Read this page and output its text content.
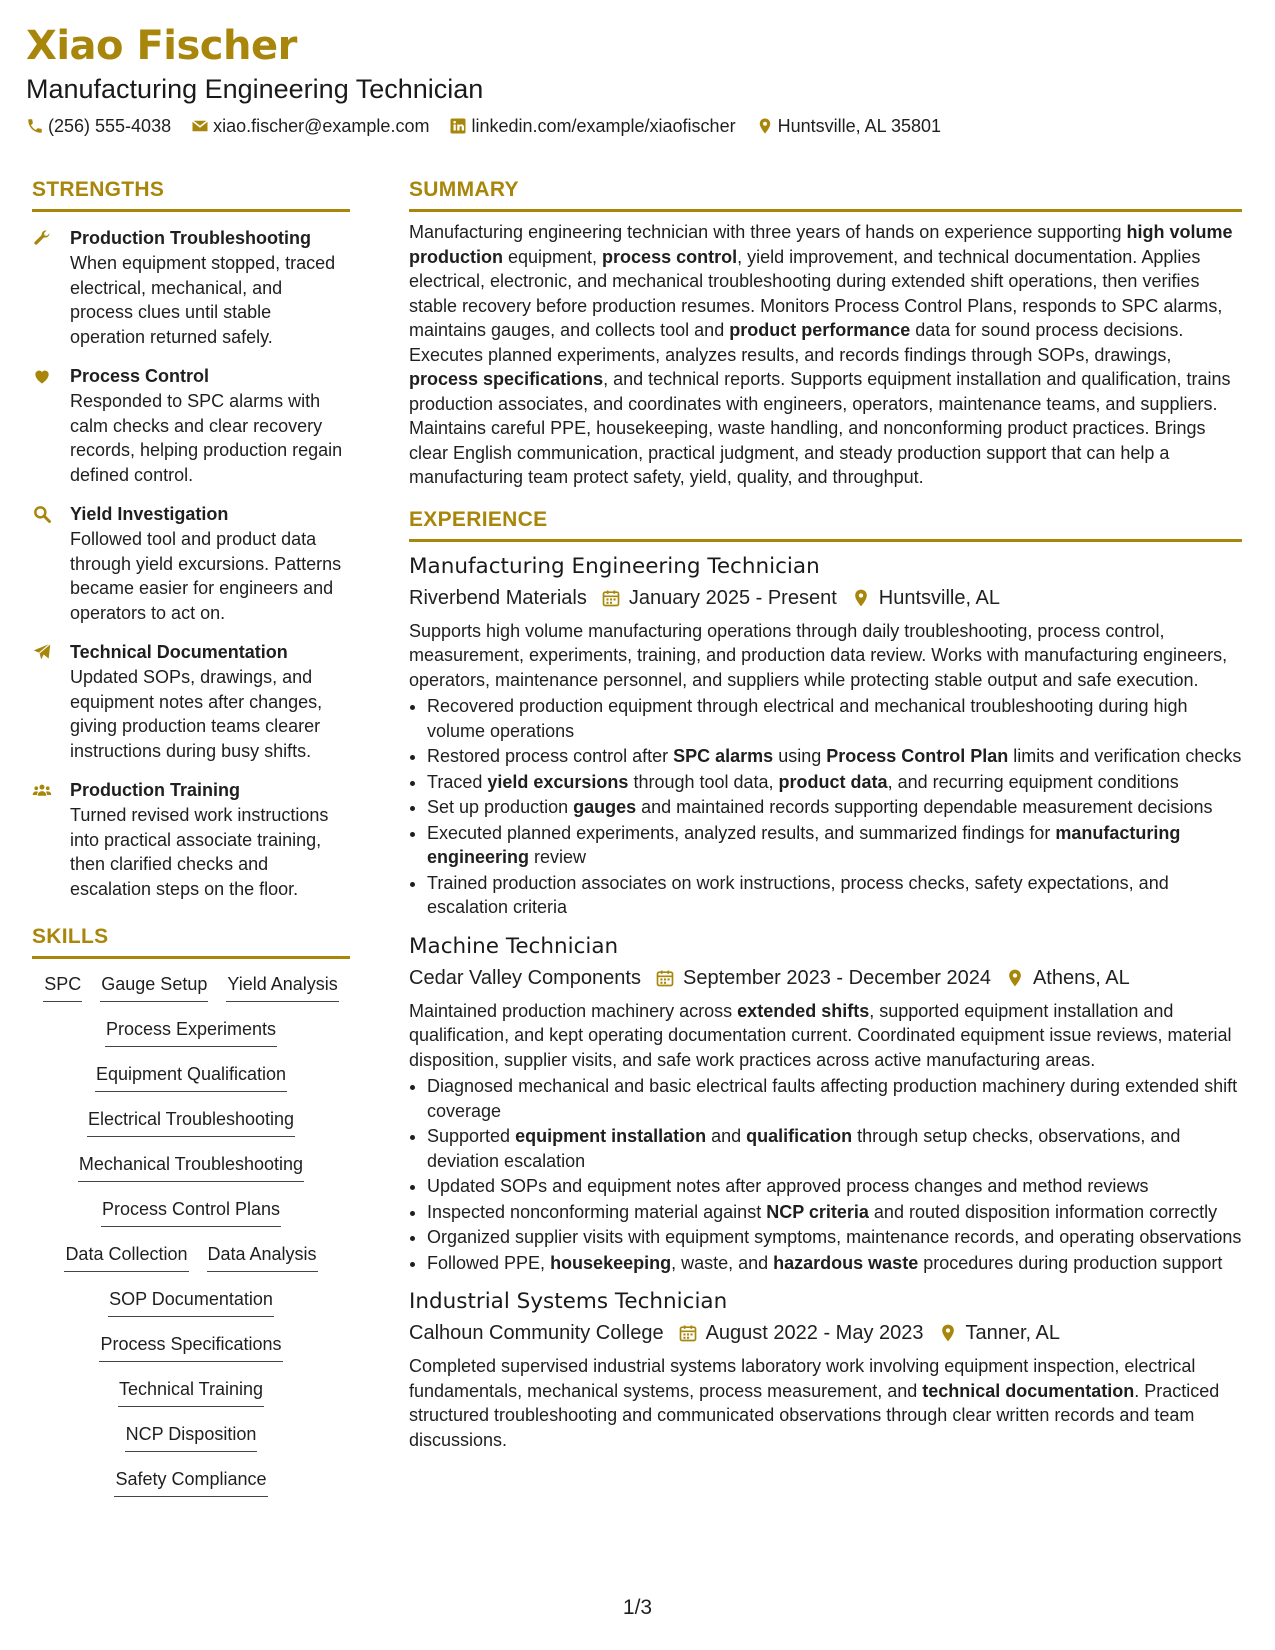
Xiao Fischer
Manufacturing Engineering Technician
(256) 555-4038 xiao.fischer@example.com linkedin.com/example/xiaofischer Huntsville, AL 35801
STRENGTHS
Production Troubleshooting
When equipment stopped, traced electrical, mechanical, and process clues until stable operation returned safely.
Process Control
Responded to SPC alarms with calm checks and clear recovery records, helping production regain defined control.
Yield Investigation
Followed tool and product data through yield excursions. Patterns became easier for engineers and operators to act on.
Technical Documentation
Updated SOPs, drawings, and equipment notes after changes, giving production teams clearer instructions during busy shifts.
Production Training
Turned revised work instructions into practical associate training, then clarified checks and escalation steps on the floor.
SKILLS
SPC Gauge Setup Yield Analysis
Process Experiments
Equipment Qualification
Electrical Troubleshooting
Mechanical Troubleshooting
Process Control Plans
Data Collection Data Analysis
SOP Documentation
Process Specifications
Technical Training
NCP Disposition
Safety Compliance
SUMMARY
Manufacturing engineering technician with three years of hands on experience supporting high volume production equipment, process control, yield improvement, and technical documentation. Applies electrical, electronic, and mechanical troubleshooting during extended shift operations, then verifies stable recovery before production resumes. Monitors Process Control Plans, responds to SPC alarms, maintains gauges, and collects tool and product performance data for sound process decisions. Executes planned experiments, analyzes results, and records findings through SOPs, drawings, process specifications, and technical reports. Supports equipment installation and qualification, trains production associates, and coordinates with engineers, operators, maintenance teams, and suppliers. Maintains careful PPE, housekeeping, waste handling, and nonconforming product practices. Brings clear English communication, practical judgment, and steady production support that can help a manufacturing team protect safety, yield, quality, and throughput.
EXPERIENCE
Manufacturing Engineering Technician
Riverbend Materials January 2025 - Present Huntsville, AL
Supports high volume manufacturing operations through daily troubleshooting, process control, measurement, experiments, training, and production data review. Works with manufacturing engineers, operators, maintenance personnel, and suppliers while protecting stable output and safe execution.
• Recovered production equipment through electrical and mechanical troubleshooting during high volume operations
• Restored process control after SPC alarms using Process Control Plan limits and verification checks
• Traced yield excursions through tool data, product data, and recurring equipment conditions
• Set up production gauges and maintained records supporting dependable measurement decisions
• Executed planned experiments, analyzed results, and summarized findings for manufacturing engineering review
• Trained production associates on work instructions, process checks, safety expectations, and escalation criteria
Machine Technician
Cedar Valley Components September 2023 - December 2024 Athens, AL
Maintained production machinery across extended shifts, supported equipment installation and qualification, and kept operating documentation current. Coordinated equipment issue reviews, material disposition, supplier visits, and safe work practices across active manufacturing areas.
• Diagnosed mechanical and basic electrical faults affecting production machinery during extended shift coverage
• Supported equipment installation and qualification through setup checks, observations, and deviation escalation
• Updated SOPs and equipment notes after approved process changes and method reviews
• Inspected nonconforming material against NCP criteria and routed disposition information correctly
• Organized supplier visits with equipment symptoms, maintenance records, and operating observations
• Followed PPE, housekeeping, waste, and hazardous waste procedures during production support
Industrial Systems Technician
Calhoun Community College August 2022 - May 2023 Tanner, AL
Completed supervised industrial systems laboratory work involving equipment inspection, electrical fundamentals, mechanical systems, process measurement, and technical documentation. Practiced structured troubleshooting and communicated observations through clear written records and team discussions.
1/3
